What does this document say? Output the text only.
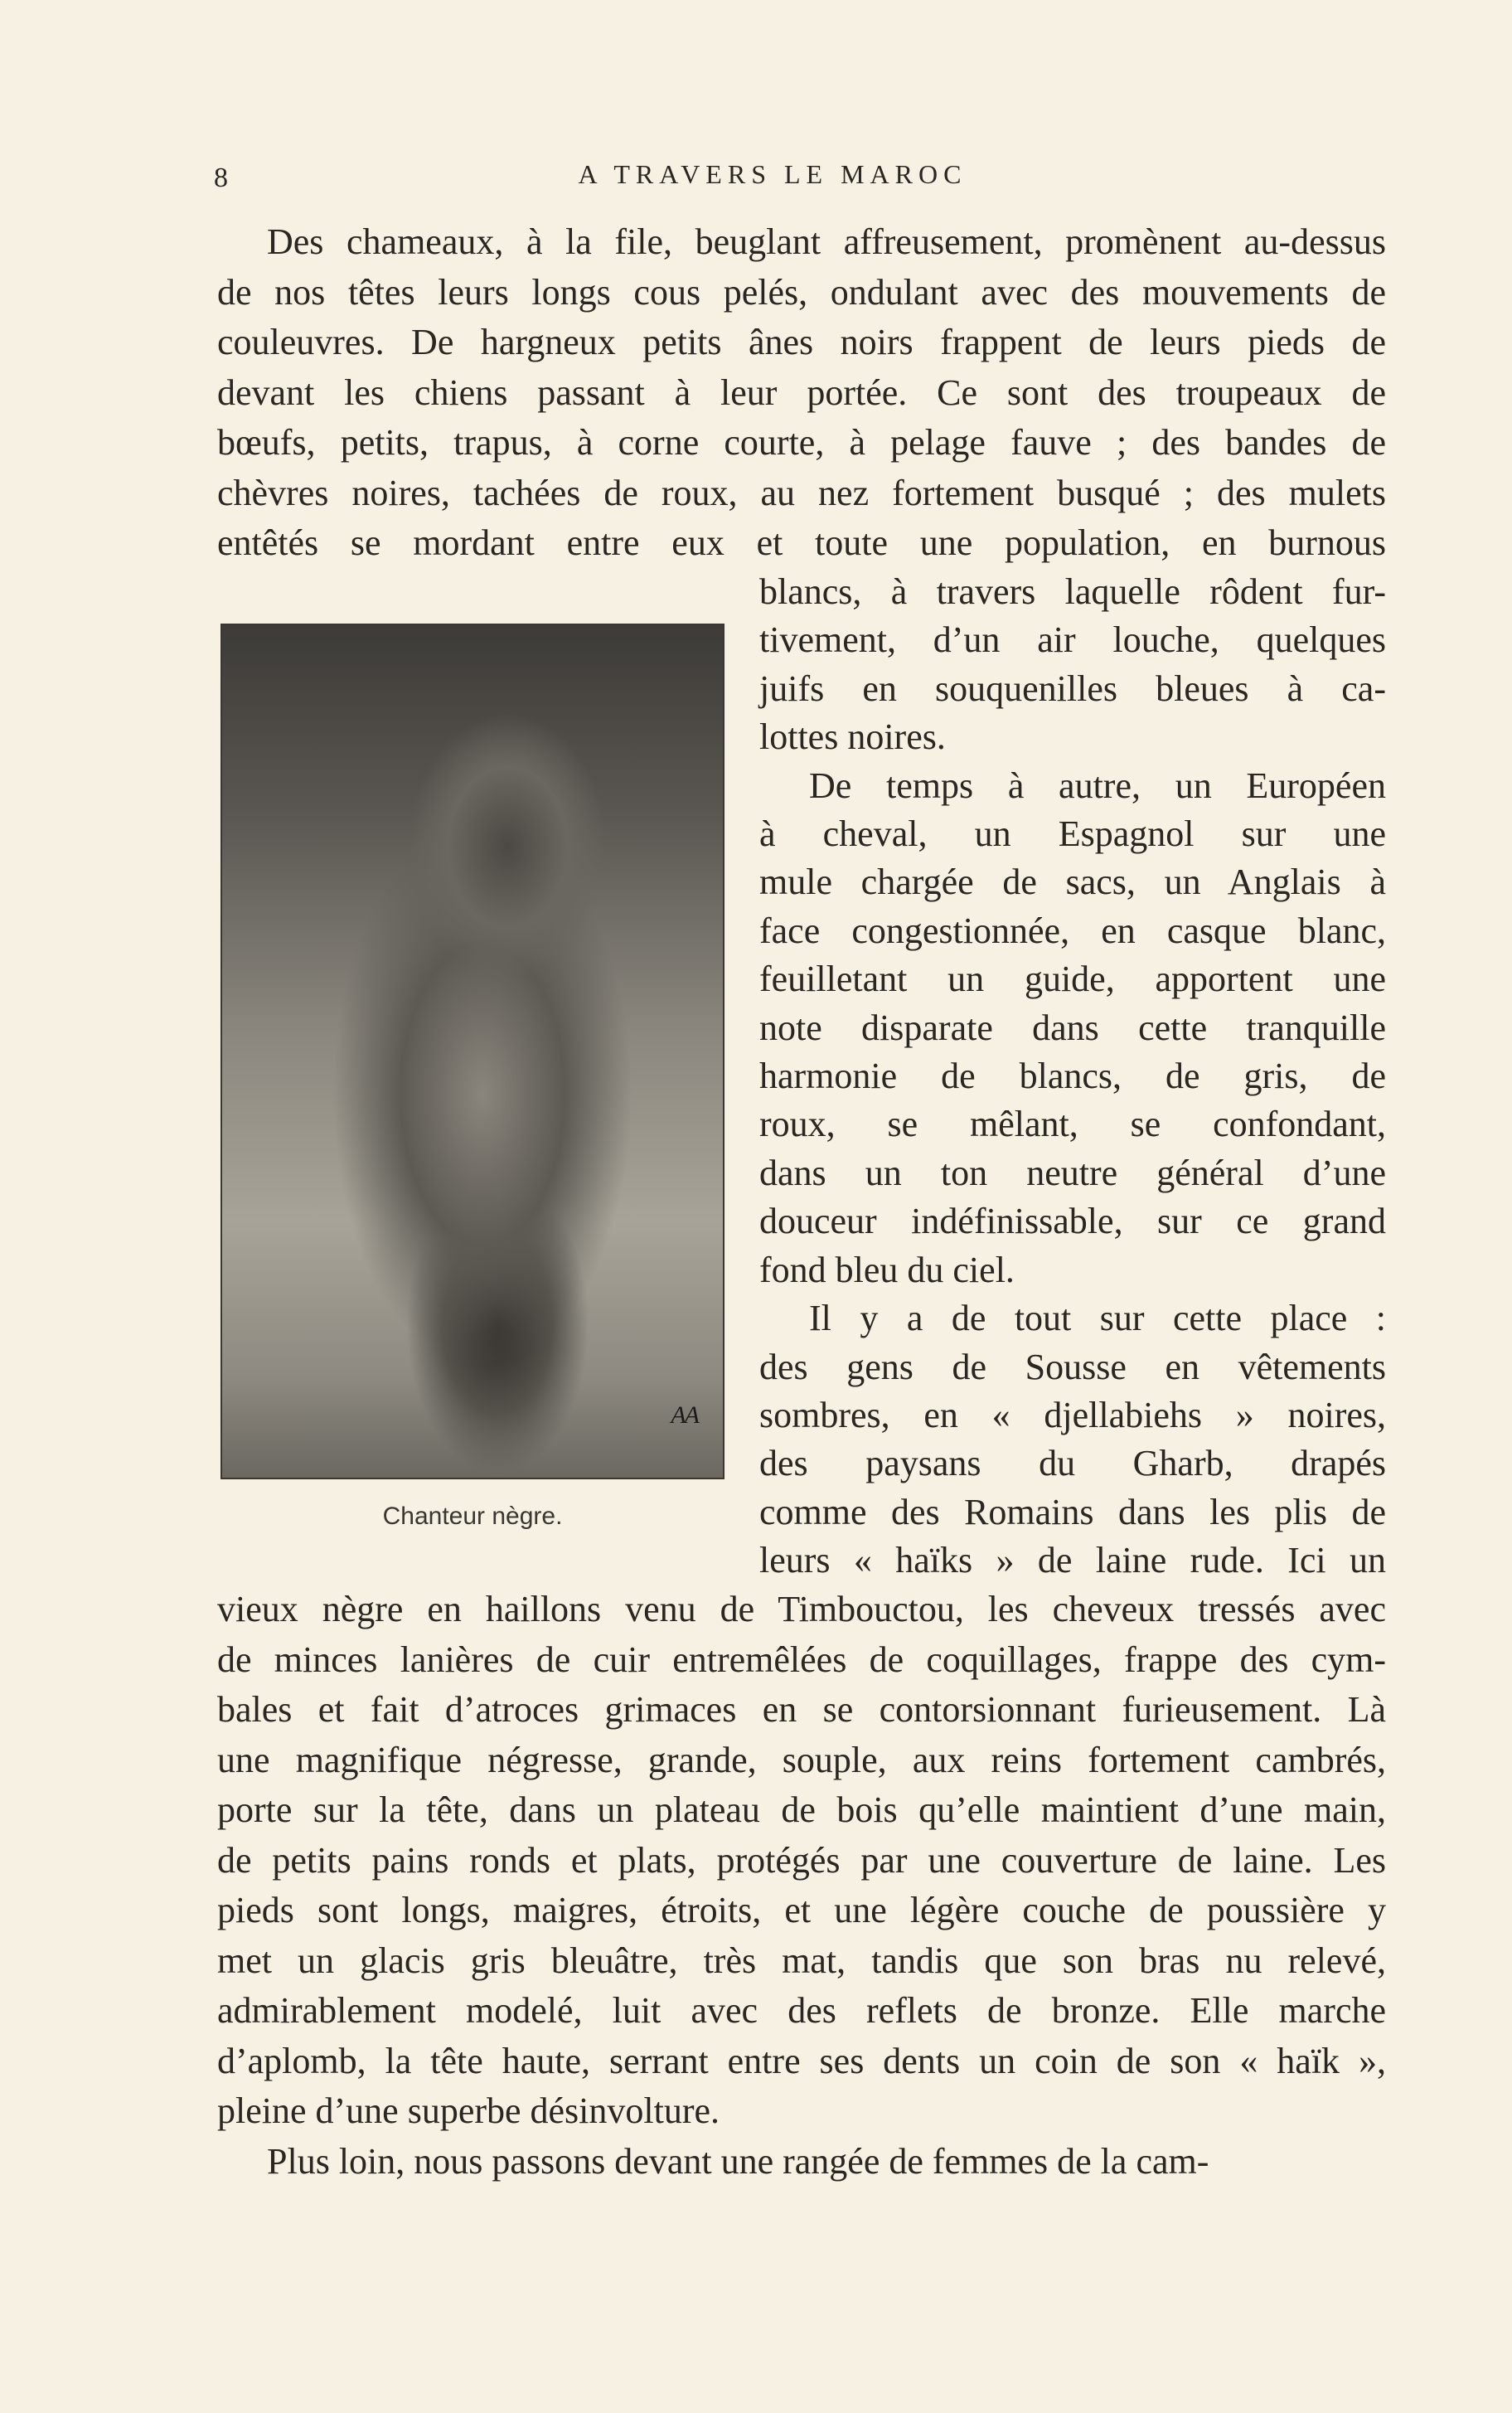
8	A TRAVERS LE MAROC
Des chameaux, à la file, beuglant affreusement, promènent au-dessus
de nos têtes leurs longs cous pelés, ondulant avec des mouvements de
couleuvres. De hargneux petits ânes noirs frappent de leurs pieds de
devant les chiens passant à leur portée. Ce sont des troupeaux de
bœufs, petits, trapus, à corne courte, à pelage fauve ; des bandes de
chèvres noires, tachées de roux, au nez fortement busqué ; des mulets
entêtés se mordant entre eux et toute une population, en burnous
AA
Chanteur nègre.
blancs, à travers laquelle rôdent fur-
tivement, d’un air louche, quelques
juifs en souquenilles bleues à ca-
lottes noires.
De temps à autre, un Européen
à cheval, un Espagnol sur une
mule chargée de sacs, un Anglais à
face congestionnée, en casque blanc,
feuilletant un guide, apportent une
note disparate dans cette tranquille
harmonie de blancs, de gris, de
roux, se mêlant, se confondant,
dans un ton neutre général d’une
douceur indéfinissable, sur ce grand
fond bleu du ciel.
Il y a de tout sur cette place :
des gens de Sousse en vêtements
sombres, en « djellabiehs » noires,
des paysans du Gharb, drapés
comme des Romains dans les plis de
leurs « haïks » de laine rude. Ici un
vieux nègre en haillons venu de Timbouctou, les cheveux tressés avec
de minces lanières de cuir entremêlées de coquillages, frappe des cym-
bales et fait d’atroces grimaces en se contorsionnant furieusement. Là
une magnifique négresse, grande, souple, aux reins fortement cambrés,
porte sur la tête, dans un plateau de bois qu’elle maintient d’une main,
de petits pains ronds et plats, protégés par une couverture de laine. Les
pieds sont longs, maigres, étroits, et une légère couche de poussière y
met un glacis gris bleuâtre, très mat, tandis que son bras nu relevé,
admirablement modelé, luit avec des reflets de bronze. Elle marche
d’aplomb, la tête haute, serrant entre ses dents un coin de son « haïk »,
pleine d’une superbe désinvolture.
Plus loin, nous passons devant une rangée de femmes de la cam-
